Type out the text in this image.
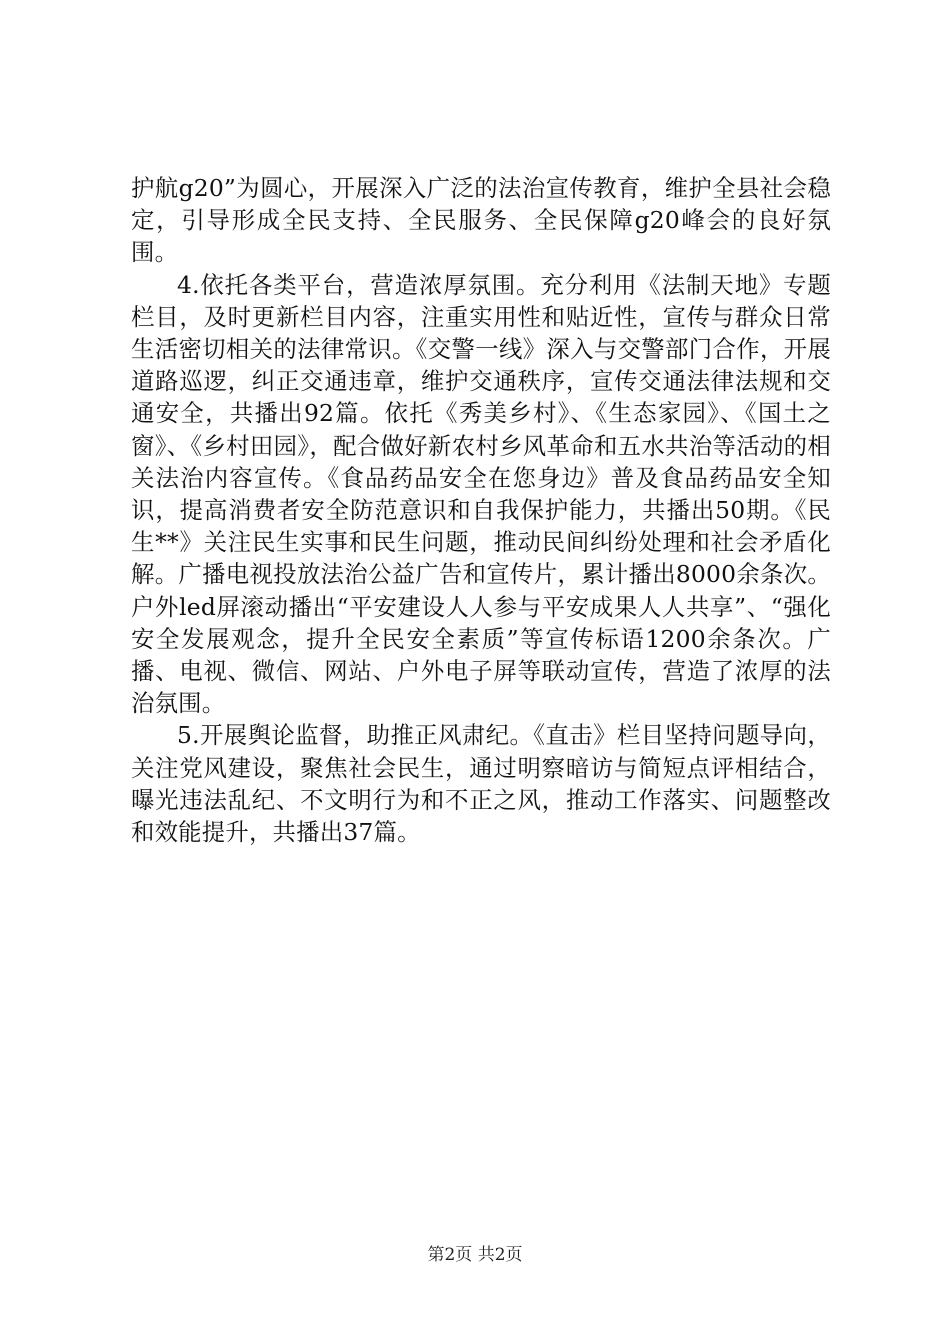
护航g20”为圆心，开展深入广泛的法治宣传教育，维护全县社会稳定，引导形成全民支持、全民服务、全民保障g20峰会的良好氛围。

4.依托各类平台，营造浓厚氛围。充分利用《法制天地》专题栏目，及时更新栏目内容，注重实用性和贴近性，宣传与群众日常生活密切相关的法律常识。《交警一线》深入与交警部门合作，开展道路巡逻，纠正交通违章，维护交通秩序，宣传交通法律法规和交通安全，共播出92篇。依托《秀美乡村》、《生态家园》、《国土之窗》、《乡村田园》，配合做好新农村乡风革命和五水共治等活动的相关法治内容宣传。《食品药品安全在您身边》普及食品药品安全知识，提高消费者安全防范意识和自我保护能力，共播出50期。《民生**》关注民生实事和民生问题，推动民间纠纷处理和社会矛盾化解。广播电视投放法治公益广告和宣传片，累计播出8000余条次。户外led屏滚动播出“平安建设人人参与平安成果人人共享”、“强化安全发展观念，提升全民安全素质”等宣传标语1200余条次。广播、电视、微信、网站、户外电子屏等联动宣传，营造了浓厚的法治氛围。

5.开展舆论监督，助推正风肃纪。《直击》栏目坚持问题导向，关注党风建设，聚焦社会民生，通过明察暗访与简短点评相结合，曝光违法乱纪、不文明行为和不正之风，推动工作落实、问题整改和效能提升，共播出37篇。

第2页 共2页
